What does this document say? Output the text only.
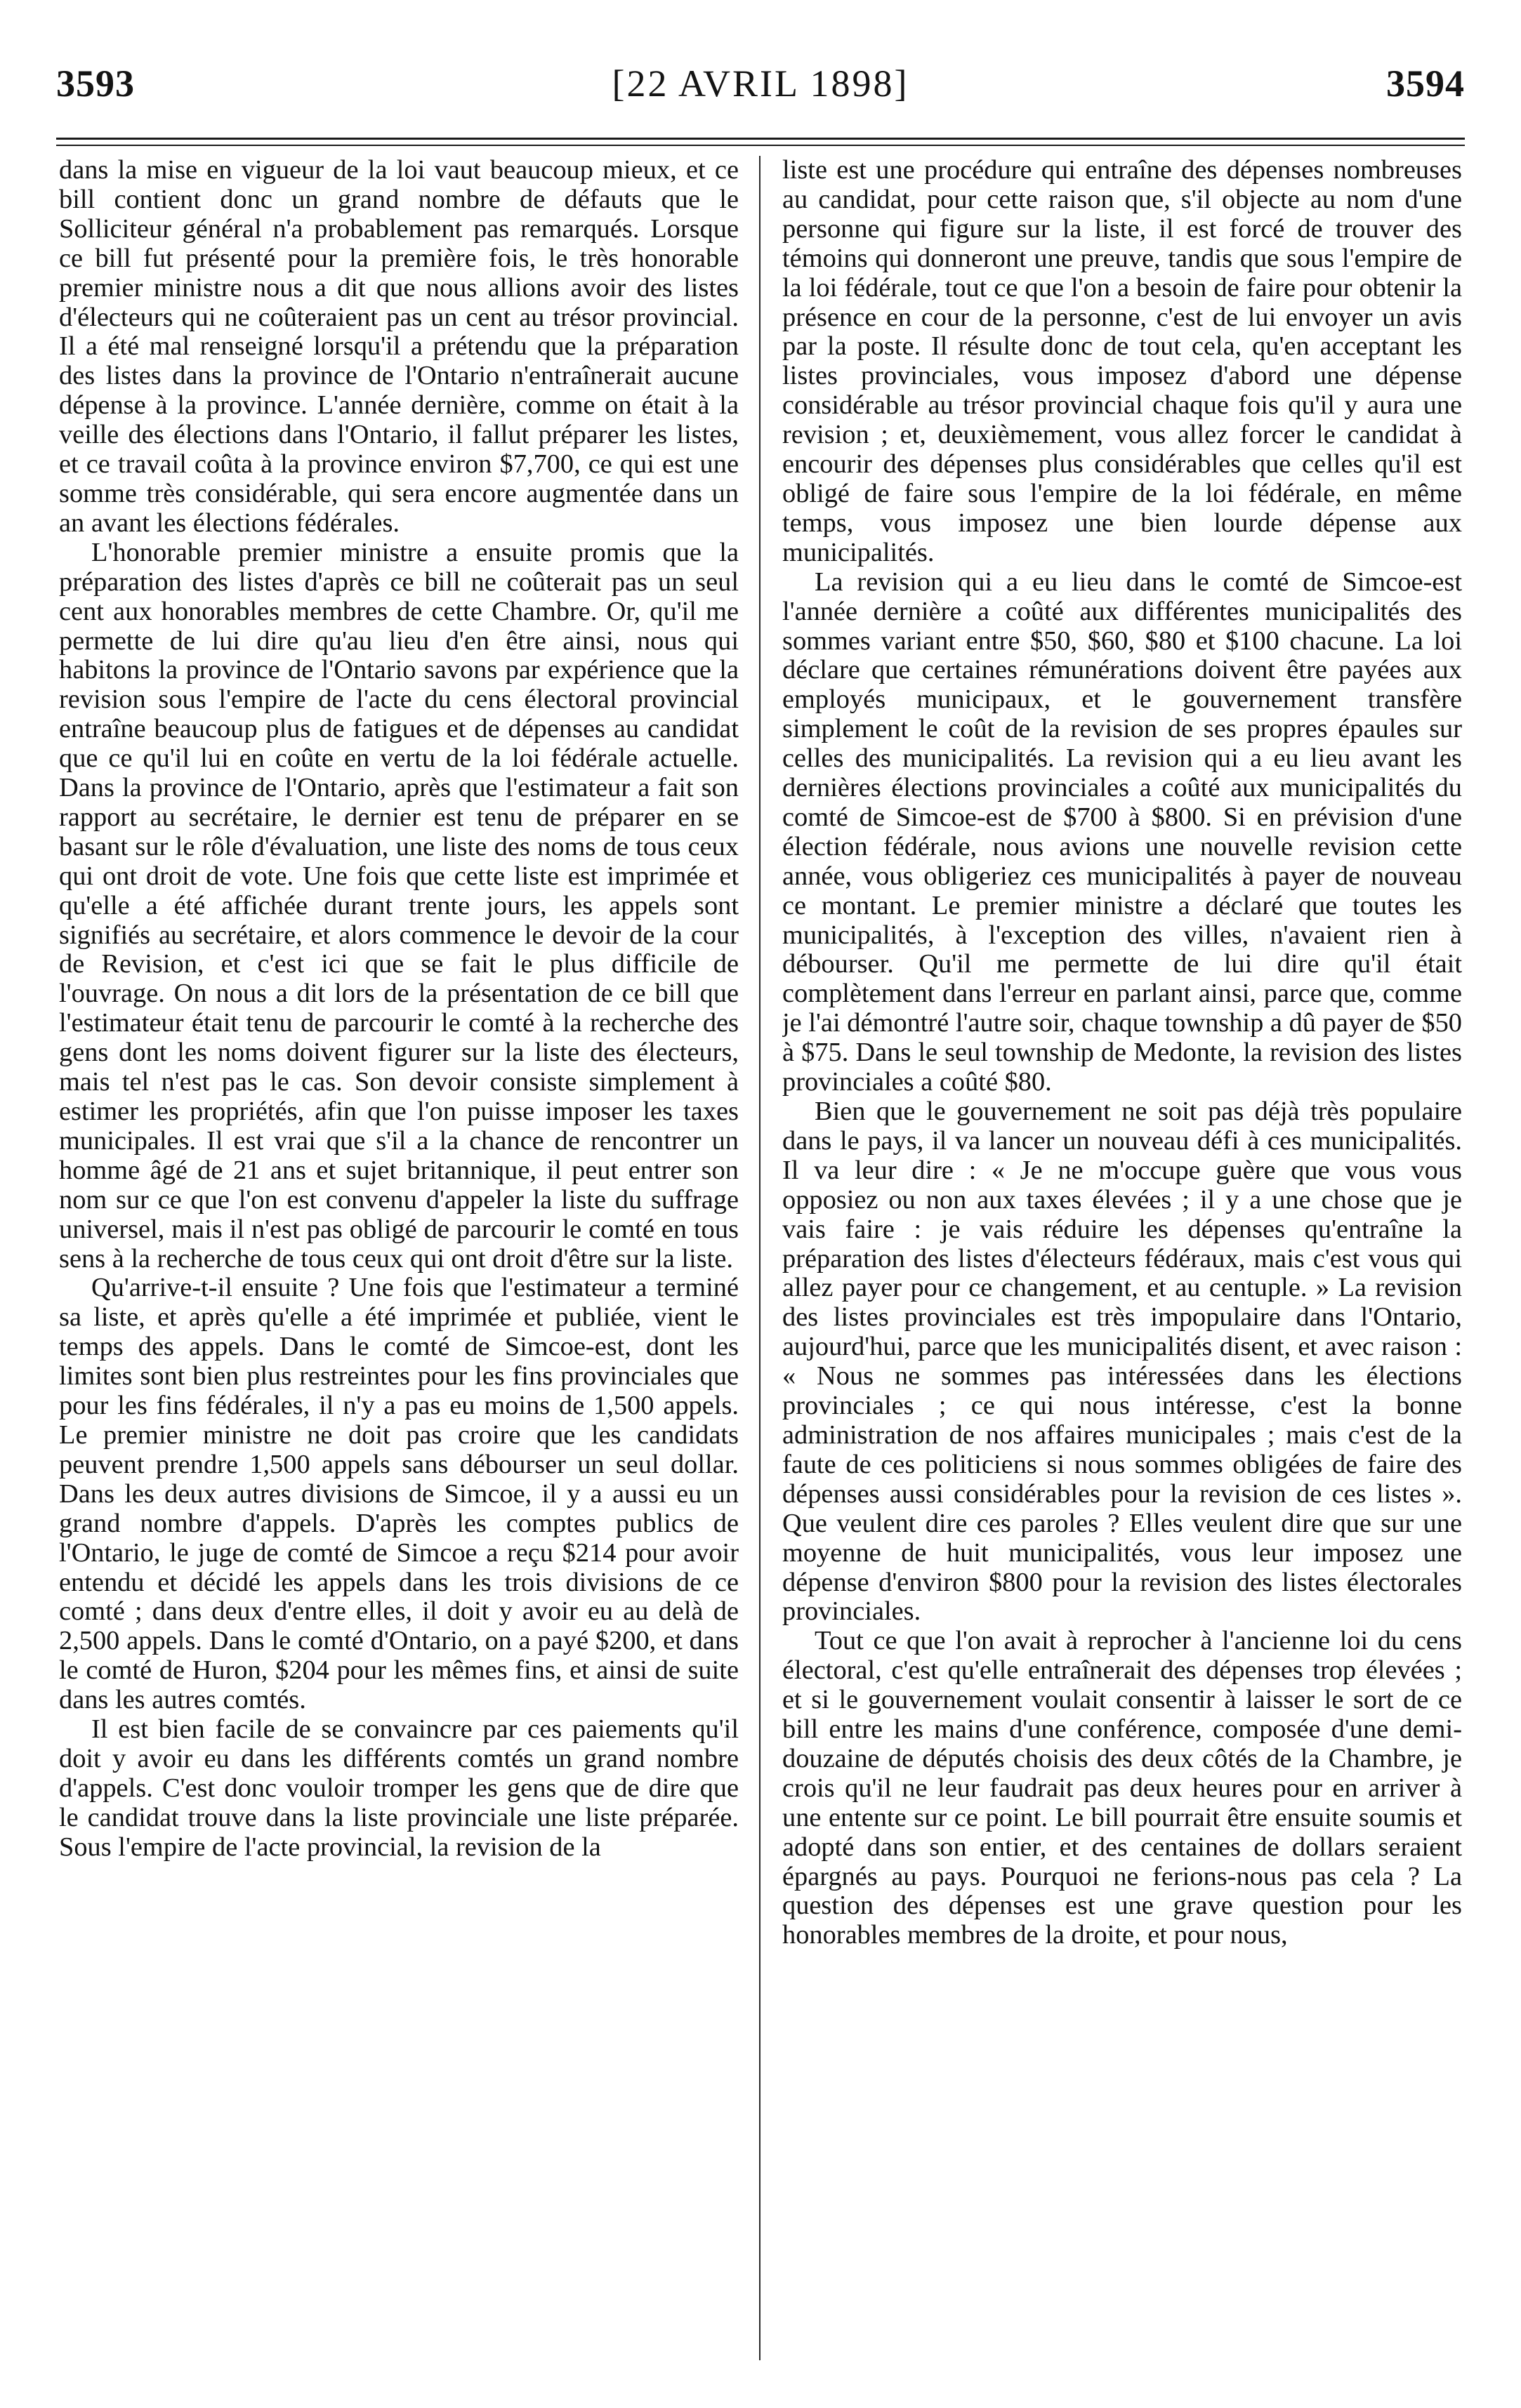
3593	[22 AVRIL 1898]	3594

dans la mise en vigueur de la loi vaut beaucoup mieux, et ce bill contient donc un grand nombre de défauts que le Solliciteur général n'a probablement pas remarqués. Lorsque ce bill fut présenté pour la première fois, le très honorable premier ministre nous a dit que nous allions avoir des listes d'électeurs qui ne coûteraient pas un cent au trésor provincial. Il a été mal renseigné lorsqu'il a prétendu que la préparation des listes dans la province de l'Ontario n'entraînerait aucune dépense à la province. L'année dernière, comme on était à la veille des élections dans l'Ontario, il fallut préparer les listes, et ce travail coûta à la province environ $7,700, ce qui est une somme très considérable, qui sera encore augmentée dans un an avant les élections fédérales.

L'honorable premier ministre a ensuite promis que la préparation des listes d'après ce bill ne coûterait pas un seul cent aux honorables membres de cette Chambre. Or, qu'il me permette de lui dire qu'au lieu d'en être ainsi, nous qui habitons la province de l'Ontario savons par expérience que la revision sous l'empire de l'acte du cens électoral provincial entraîne beaucoup plus de fatigues et de dépenses au candidat que ce qu'il lui en coûte en vertu de la loi fédérale actuelle. Dans la province de l'Ontario, après que l'estimateur a fait son rapport au secrétaire, le dernier est tenu de préparer en se basant sur le rôle d'évaluation, une liste des noms de tous ceux qui ont droit de vote. Une fois que cette liste est imprimée et qu'elle a été affichée durant trente jours, les appels sont signifiés au secrétaire, et alors commence le devoir de la cour de Revision, et c'est ici que se fait le plus difficile de l'ouvrage. On nous a dit lors de la présentation de ce bill que l'estimateur était tenu de parcourir le comté à la recherche des gens dont les noms doivent figurer sur la liste des électeurs, mais tel n'est pas le cas. Son devoir consiste simplement à estimer les propriétés, afin que l'on puisse imposer les taxes municipales. Il est vrai que s'il a la chance de rencontrer un homme âgé de 21 ans et sujet britannique, il peut entrer son nom sur ce que l'on est convenu d'appeler la liste du suffrage universel, mais il n'est pas obligé de parcourir le comté en tous sens à la recherche de tous ceux qui ont droit d'être sur la liste.

Qu'arrive-t-il ensuite ? Une fois que l'estimateur a terminé sa liste, et après qu'elle a été imprimée et publiée, vient le temps des appels. Dans le comté de Simcoe-est, dont les limites sont bien plus restreintes pour les fins provinciales que pour les fins fédérales, il n'y a pas eu moins de 1,500 appels. Le premier ministre ne doit pas croire que les candidats peuvent prendre 1,500 appels sans débourser un seul dollar. Dans les deux autres divisions de Simcoe, il y a aussi eu un grand nombre d'appels. D'après les comptes publics de l'Ontario, le juge de comté de Simcoe a reçu $214 pour avoir entendu et décidé les appels dans les trois divisions de ce comté ; dans deux d'entre elles, il doit y avoir eu au delà de 2,500 appels. Dans le comté d'Ontario, on a payé $200, et dans le comté de Huron, $204 pour les mêmes fins, et ainsi de suite dans les autres comtés.

Il est bien facile de se convaincre par ces paiements qu'il doit y avoir eu dans les différents comtés un grand nombre d'appels. C'est donc vouloir tromper les gens que de dire que le candidat trouve dans la liste provinciale une liste préparée. Sous l'empire de l'acte provincial, la revision de la

liste est une procédure qui entraîne des dépenses nombreuses au candidat, pour cette raison que, s'il objecte au nom d'une personne qui figure sur la liste, il est forcé de trouver des témoins qui donneront une preuve, tandis que sous l'empire de la loi fédérale, tout ce que l'on a besoin de faire pour obtenir la présence en cour de la personne, c'est de lui envoyer un avis par la poste. Il résulte donc de tout cela, qu'en acceptant les listes provinciales, vous imposez d'abord une dépense considérable au trésor provincial chaque fois qu'il y aura une revision ; et, deuxièmement, vous allez forcer le candidat à encourir des dépenses plus considérables que celles qu'il est obligé de faire sous l'empire de la loi fédérale, en même temps, vous imposez une bien lourde dépense aux municipalités.

La revision qui a eu lieu dans le comté de Simcoe-est l'année dernière a coûté aux différentes municipalités des sommes variant entre $50, $60, $80 et $100 chacune. La loi déclare que certaines rémunérations doivent être payées aux employés municipaux, et le gouvernement transfère simplement le coût de la revision de ses propres épaules sur celles des municipalités. La revision qui a eu lieu avant les dernières élections provinciales a coûté aux municipalités du comté de Simcoe-est de $700 à $800. Si en prévision d'une élection fédérale, nous avions une nouvelle revision cette année, vous obligeriez ces municipalités à payer de nouveau ce montant. Le premier ministre a déclaré que toutes les municipalités, à l'exception des villes, n'avaient rien à débourser. Qu'il me permette de lui dire qu'il était complètement dans l'erreur en parlant ainsi, parce que, comme je l'ai démontré l'autre soir, chaque township a dû payer de $50 à $75. Dans le seul township de Medonte, la revision des listes provinciales a coûté $80.

Bien que le gouvernement ne soit pas déjà très populaire dans le pays, il va lancer un nouveau défi à ces municipalités. Il va leur dire : « Je ne m'occupe guère que vous vous opposiez ou non aux taxes élevées ; il y a une chose que je vais faire : je vais réduire les dépenses qu'entraîne la préparation des listes d'électeurs fédéraux, mais c'est vous qui allez payer pour ce changement, et au centuple. » La revision des listes provinciales est très impopulaire dans l'Ontario, aujourd'hui, parce que les municipalités disent, et avec raison : « Nous ne sommes pas intéressées dans les élections provinciales ; ce qui nous intéresse, c'est la bonne administration de nos affaires municipales ; mais c'est de la faute de ces politiciens si nous sommes obligées de faire des dépenses aussi considérables pour la revision de ces listes ». Que veulent dire ces paroles ? Elles veulent dire que sur une moyenne de huit municipalités, vous leur imposez une dépense d'environ $800 pour la revision des listes électorales provinciales.

Tout ce que l'on avait à reprocher à l'ancienne loi du cens électoral, c'est qu'elle entraînerait des dépenses trop élevées ; et si le gouvernement voulait consentir à laisser le sort de ce bill entre les mains d'une conférence, composée d'une demi-douzaine de députés choisis des deux côtés de la Chambre, je crois qu'il ne leur faudrait pas deux heures pour en arriver à une entente sur ce point. Le bill pourrait être ensuite soumis et adopté dans son entier, et des centaines de dollars seraient épargnés au pays. Pourquoi ne ferions-nous pas cela ? La question des dépenses est une grave question pour les honorables membres de la droite, et pour nous,
